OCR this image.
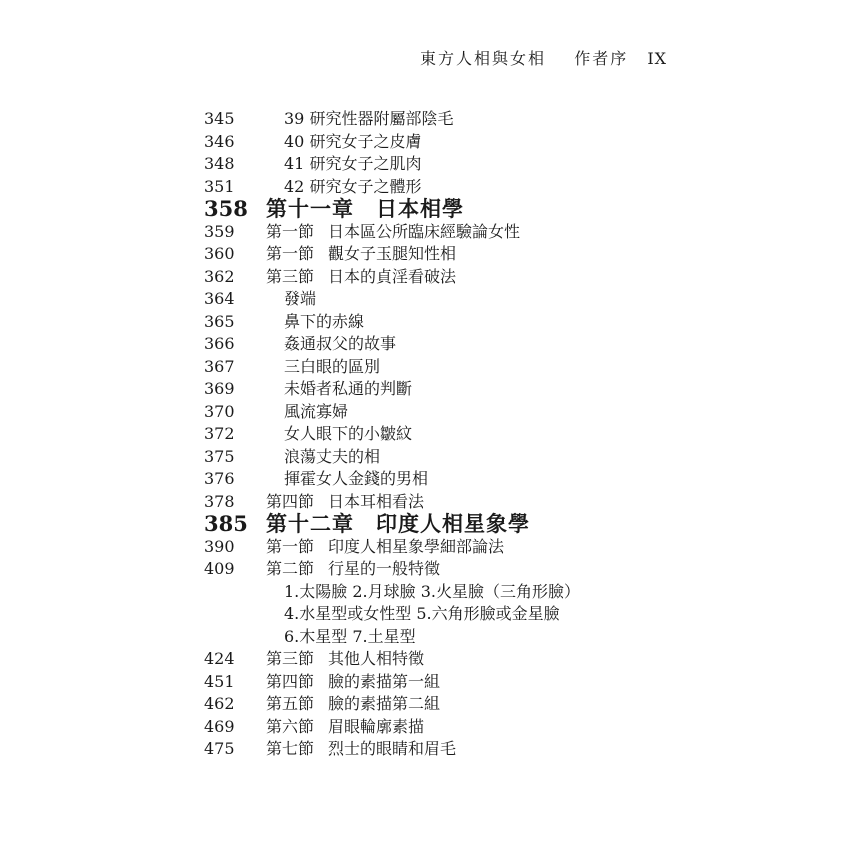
東方人相與女相 作者序 IX
345	39 研究性器附屬部陰毛
346	40 研究女子之皮膚
348	41 研究女子之肌肉
351	42 研究女子之體形
358 第十一章 日本相學
359	第一節 日本區公所臨床經驗論女性
360	第一節 觀女子玉腿知性相
362	第三節 日本的貞淫看破法
364	發端
365	鼻下的赤線
366	姦通叔父的故事
367	三白眼的區別
369	未婚者私通的判斷
370	風流寡婦
372	女人眼下的小皺紋
375	浪蕩丈夫的相
376	揮霍女人金錢的男相
378	第四節 日本耳相看法
385 第十二章 印度人相星象學
390	第一節 印度人相星象學細部論法
409	第二節 行星的一般特徵
1.太陽臉 2.月球臉 3.火星臉（三角形臉）
4.水星型或女性型 5.六角形臉或金星臉
6.木星型 7.土星型
424	第三節 其他人相特徵
451	第四節 臉的素描第一組
462	第五節 臉的素描第二組
469	第六節 眉眼輪廓素描
475	第七節 烈士的眼睛和眉毛
